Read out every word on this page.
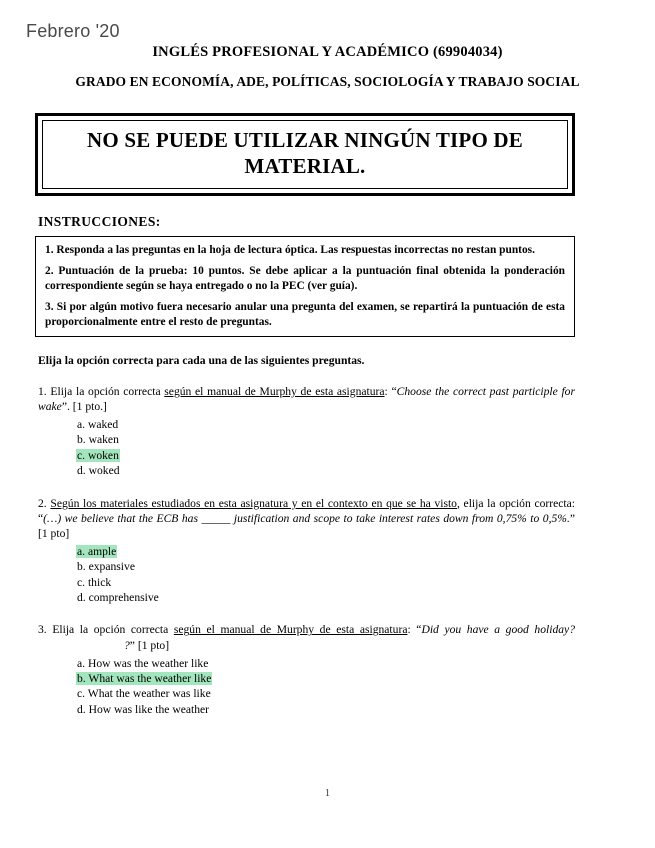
Febrero '20
INGLÉS PROFESIONAL Y ACADÉMICO (69904034)
GRADO EN ECONOMÍA, ADE, POLÍTICAS, SOCIOLOGÍA Y TRABAJO SOCIAL

NO SE PUEDE UTILIZAR NINGÚN TIPO DE MATERIAL.

INSTRUCCIONES:

1. Responda a las preguntas en la hoja de lectura óptica. Las respuestas incorrectas no restan puntos.

2. Puntuación de la prueba: 10 puntos. Se debe aplicar a la puntuación final obtenida la ponderación correspondiente según se haya entregado o no la PEC (ver guía).

3. Si por algún motivo fuera necesario anular una pregunta del examen, se repartirá la puntuación de esta proporcionalmente entre el resto de preguntas.

Elija la opción correcta para cada una de las siguientes preguntas.

1. Elija la opción correcta según el manual de Murphy de esta asignatura: “Choose the correct past participle for wake”. [1 pto.]

a. waked
b. waken
c. woken
d. woked

2. Según los materiales estudiados en esta asignatura y en el contexto en que se ha visto, elija la opción correcta: “(…) we believe that the ECB has _____ justification and scope to take interest rates down from 0,75% to 0,5%.” [1 pto]

a. ample
b. expansive
c. thick
d. comprehensive

3. Elija la opción correcta según el manual de Murphy de esta asignatura: “Did you have a good holiday??” [1 pto]

a. How was the weather like
b. What was the weather like
c. What the weather was like
d. How was like the weather
1
